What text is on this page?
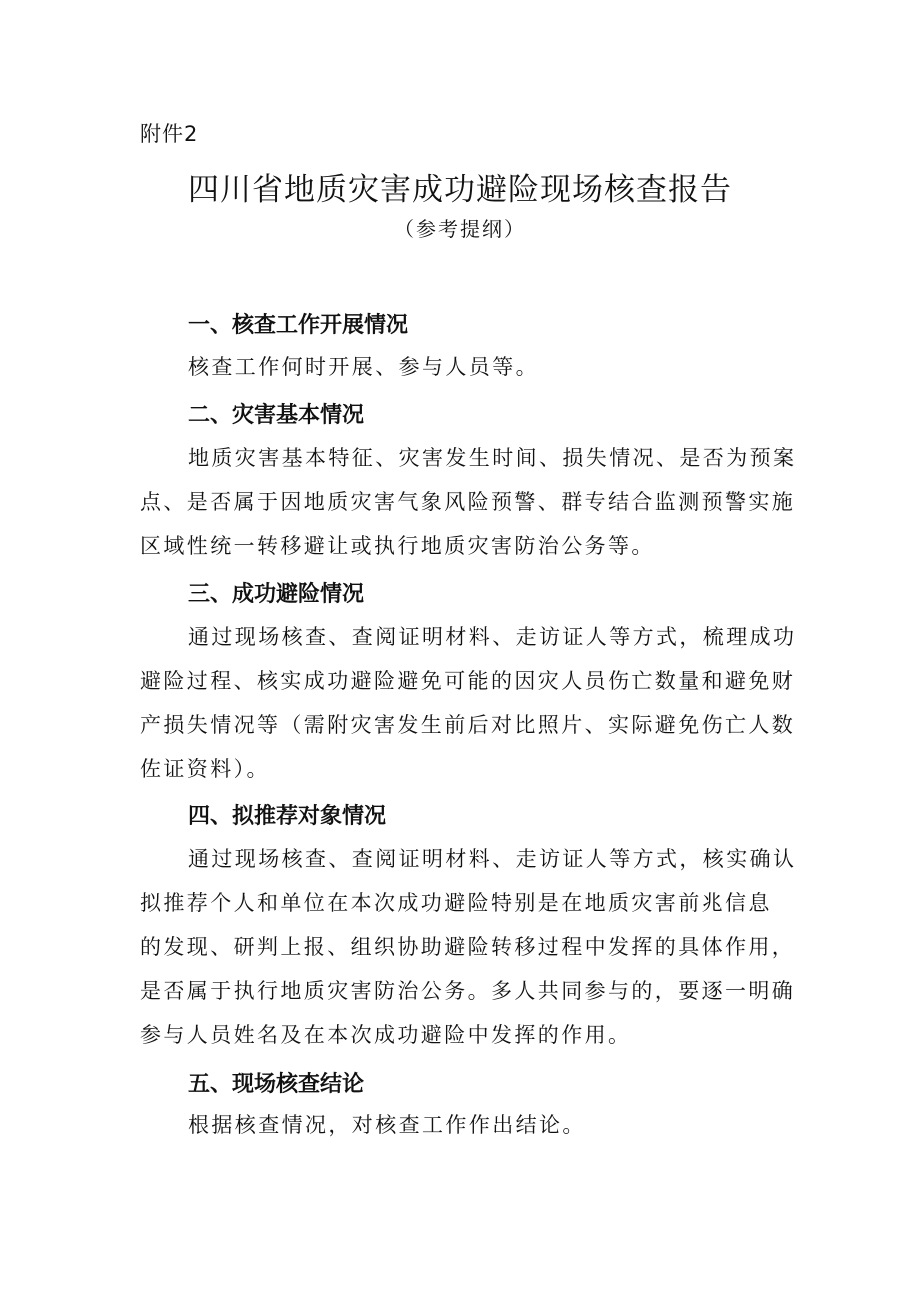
附件2
四川省地质灾害成功避险现场核查报告
（参考提纲）
一、核查工作开展情况
核查工作何时开展、参与人员等。
二、灾害基本情况
地质灾害基本特征、灾害发生时间、损失情况、是否为预案
点、是否属于因地质灾害气象风险预警、群专结合监测预警实施
区域性统一转移避让或执行地质灾害防治公务等。
三、成功避险情况
通过现场核查、查阅证明材料、走访证人等方式，梳理成功
避险过程、核实成功避险避免可能的因灾人员伤亡数量和避免财
产损失情况等（需附灾害发生前后对比照片、实际避免伤亡人数
佐证资料）。
四、拟推荐对象情况
通过现场核查、查阅证明材料、走访证人等方式，核实确认
拟推荐个人和单位在本次成功避险特别是在地质灾害前兆信息
的发现、研判上报、组织协助避险转移过程中发挥的具体作用，
是否属于执行地质灾害防治公务。多人共同参与的，要逐一明确
参与人员姓名及在本次成功避险中发挥的作用。
五、现场核查结论
根据核查情况，对核查工作作出结论。
